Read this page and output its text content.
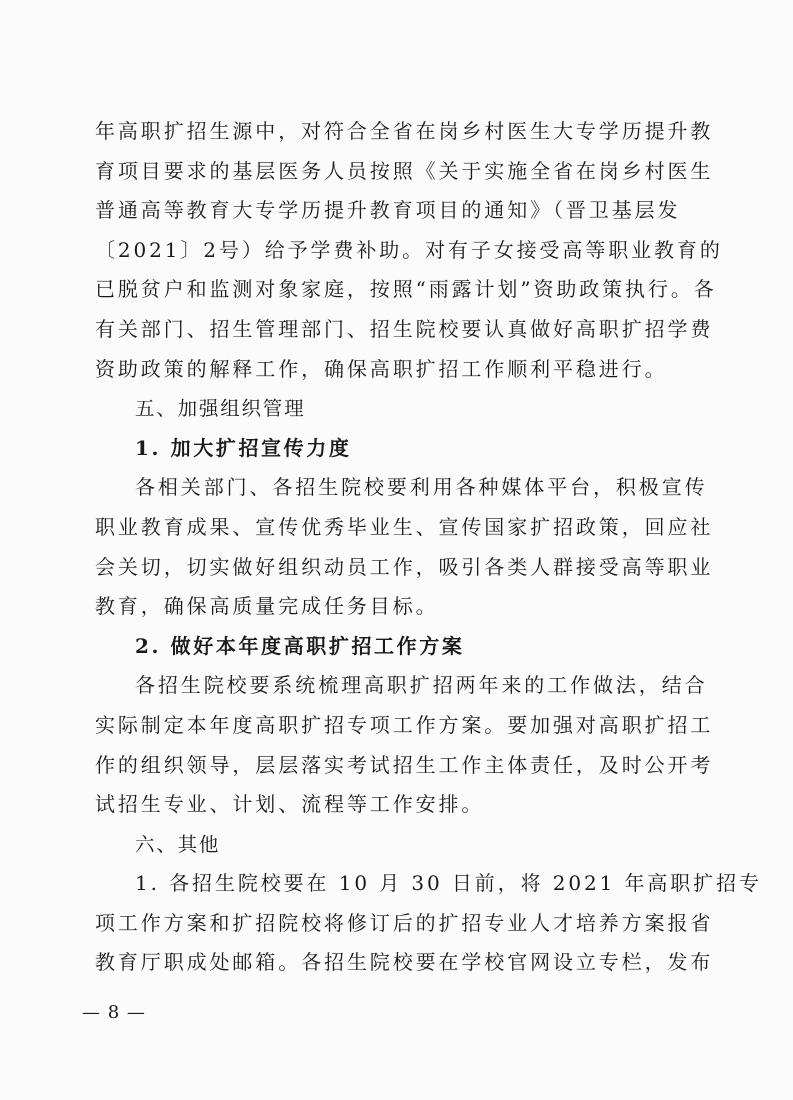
年高职扩招生源中，对符合全省在岗乡村医生大专学历提升教
育项目要求的基层医务人员按照《关于实施全省在岗乡村医生
普通高等教育大专学历提升教育项目的通知》（晋卫基层发
〔2021〕2号）给予学费补助。对有子女接受高等职业教育的
已脱贫户和监测对象家庭，按照“雨露计划”资助政策执行。各
有关部门、招生管理部门、招生院校要认真做好高职扩招学费
资助政策的解释工作，确保高职扩招工作顺利平稳进行。
五、加强组织管理
1. 加大扩招宣传力度
各相关部门、各招生院校要利用各种媒体平台，积极宣传
职业教育成果、宣传优秀毕业生、宣传国家扩招政策，回应社
会关切，切实做好组织动员工作，吸引各类人群接受高等职业
教育，确保高质量完成任务目标。
2. 做好本年度高职扩招工作方案
各招生院校要系统梳理高职扩招两年来的工作做法，结合
实际制定本年度高职扩招专项工作方案。要加强对高职扩招工
作的组织领导，层层落实考试招生工作主体责任，及时公开考
试招生专业、计划、流程等工作安排。
六、其他
1. 各招生院校要在 10 月 30 日前，将 2021 年高职扩招专
项工作方案和扩招院校将修订后的扩招专业人才培养方案报省
教育厅职成处邮箱。各招生院校要在学校官网设立专栏，发布
— 8 —
